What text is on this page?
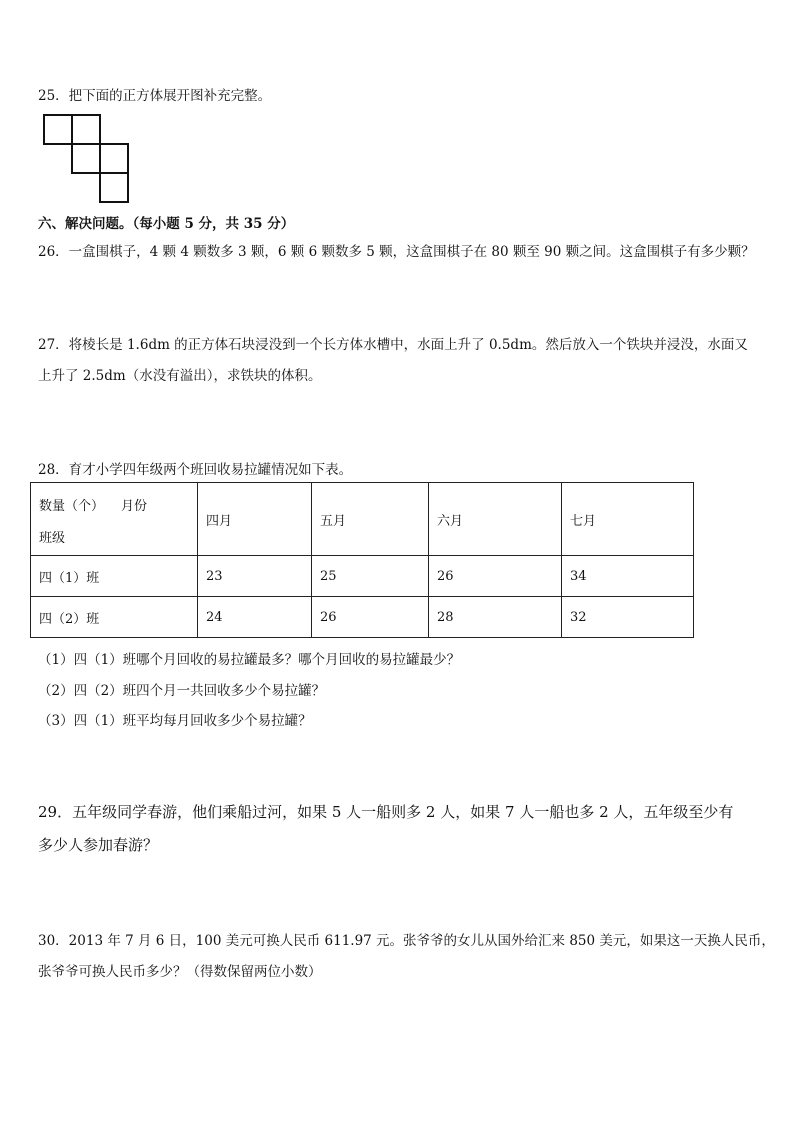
25．把下面的正方体展开图补充完整。
六、解决问题。（每小题 5 分，共 35 分）
26．一盒围棋子，4 颗 4 颗数多 3 颗，6 颗 6 颗数多 5 颗，这盒围棋子在 80 颗至 90 颗之间。这盒围棋子有多少颗？
27．将棱长是 1.6dm 的正方体石块浸没到一个长方体水槽中，水面上升了 0.5dm。然后放入一个铁块并浸没，水面又
上升了 2.5dm（水没有溢出），求铁块的体积。
28．育才小学四年级两个班回收易拉罐情况如下表。
数量（个） 月份
班级	四月	五月	六月	七月
四（1）班	23	25	26	34
四（2）班	24	26	28	32
（1）四（1）班哪个月回收的易拉罐最多？哪个月回收的易拉罐最少？
（2）四（2）班四个月一共回收多少个易拉罐？
（3）四（1）班平均每月回收多少个易拉罐？
29．五年级同学春游，他们乘船过河，如果 5 人一船则多 2 人，如果 7 人一船也多 2 人，五年级至少有
多少人参加春游？
30．2013 年 7 月 6 日，100 美元可换人民币 611.97 元。张爷爷的女儿从国外给汇来 850 美元，如果这一天换人民币，
张爷爷可换人民币多少？（得数保留两位小数）
